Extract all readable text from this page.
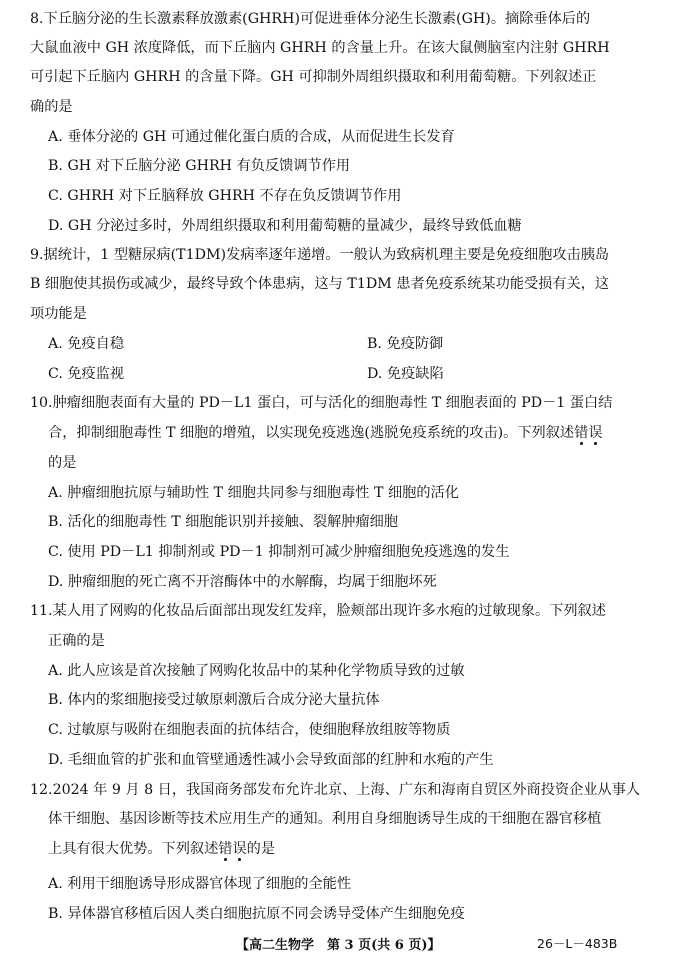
8.下丘脑分泌的生长激素释放激素(GHRH)可促进垂体分泌生长激素(GH)。摘除垂体后的
大鼠血液中 GH 浓度降低，而下丘脑内 GHRH 的含量上升。在该大鼠侧脑室内注射 GHRH
可引起下丘脑内 GHRH 的含量下降。GH 可抑制外周组织摄取和利用葡萄糖。下列叙述正
确的是
A. 垂体分泌的 GH 可通过催化蛋白质的合成，从而促进生长发育
B. GH 对下丘脑分泌 GHRH 有负反馈调节作用
C. GHRH 对下丘脑释放 GHRH 不存在负反馈调节作用
D. GH 分泌过多时，外周组织摄取和利用葡萄糖的量减少，最终导致低血糖
9.据统计，1 型糖尿病(T1DM)发病率逐年递增。一般认为致病机理主要是免疫细胞攻击胰岛
B 细胞使其损伤或减少，最终导致个体患病，这与 T1DM 患者免疫系统某功能受损有关，这
项功能是
A. 免疫自稳	B. 免疫防御
C. 免疫监视	D. 免疫缺陷
10.肿瘤细胞表面有大量的 PD－L1 蛋白，可与活化的细胞毒性 T 细胞表面的 PD－1 蛋白结
合，抑制细胞毒性 T 细胞的增殖，以实现免疫逃逸(逃脱免疫系统的攻击)。下列叙述错误
的是
A. 肿瘤细胞抗原与辅助性 T 细胞共同参与细胞毒性 T 细胞的活化
B. 活化的细胞毒性 T 细胞能识别并接触、裂解肿瘤细胞
C. 使用 PD－L1 抑制剂或 PD－1 抑制剂可减少肿瘤细胞免疫逃逸的发生
D. 肿瘤细胞的死亡离不开溶酶体中的水解酶，均属于细胞坏死
11.某人用了网购的化妆品后面部出现发红发痒，脸颊部出现许多水疱的过敏现象。下列叙述
正确的是
A. 此人应该是首次接触了网购化妆品中的某种化学物质导致的过敏
B. 体内的浆细胞接受过敏原刺激后合成分泌大量抗体
C. 过敏原与吸附在细胞表面的抗体结合，使细胞释放组胺等物质
D. 毛细血管的扩张和血管壁通透性减小会导致面部的红肿和水疱的产生
12.2024 年 9 月 8 日，我国商务部发布允许北京、上海、广东和海南自贸区外商投资企业从事人
体干细胞、基因诊断等技术应用生产的通知。利用自身细胞诱导生成的干细胞在器官移植
上具有很大优势。下列叙述错误的是
A. 利用干细胞诱导形成器官体现了细胞的全能性
B. 异体器官移植后因人类白细胞抗原不同会诱导受体产生细胞免疫
【高二生物学　第 3 页(共 6 页)】	26－L－483B
